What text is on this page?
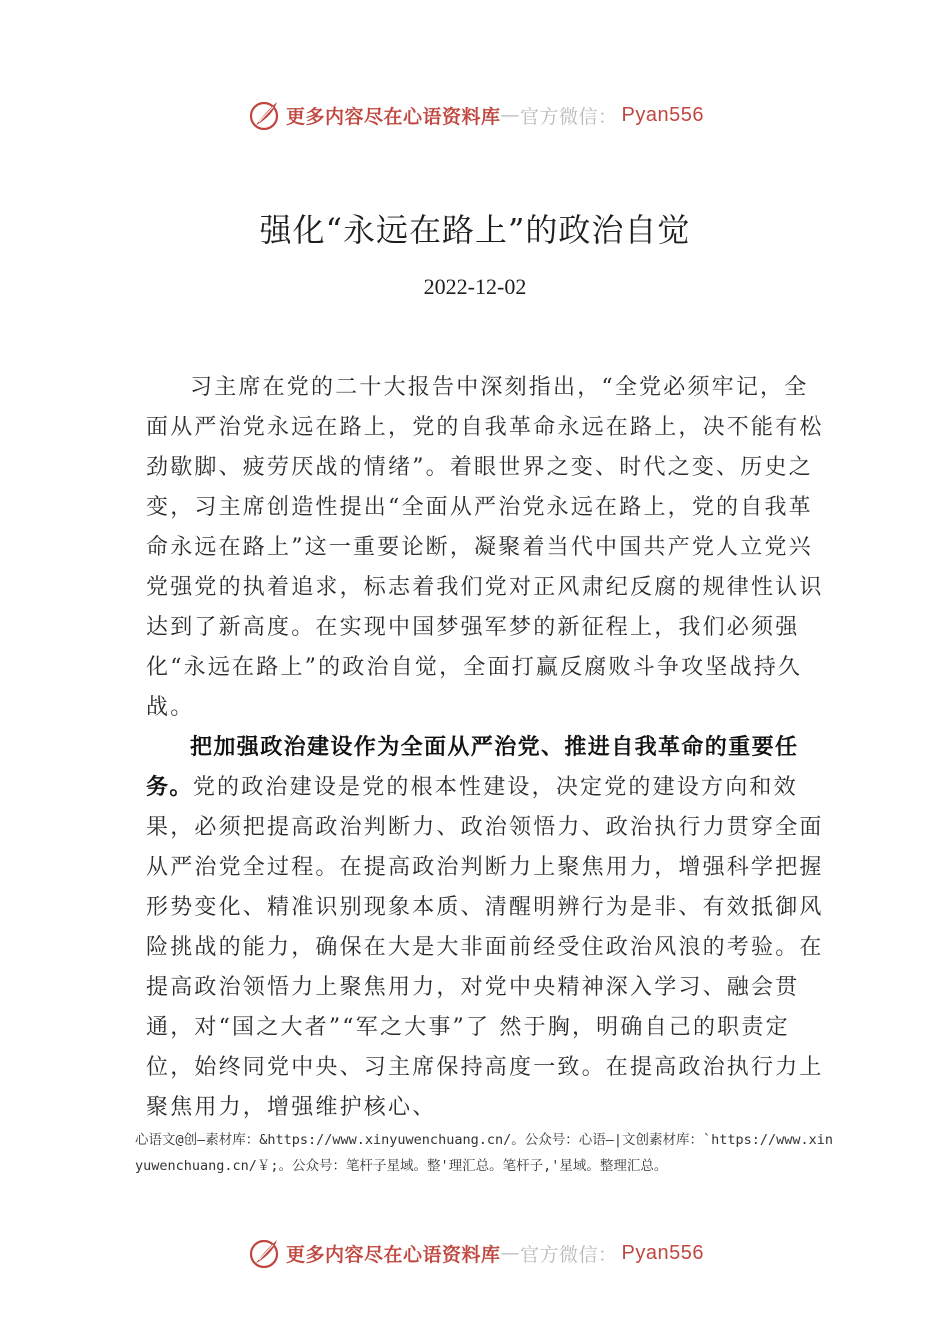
更多内容尽在心语资料库 — 官方微信： Pyan556
强化“永远在路上”的政治自觉
2022-12-02

习主席在党的二十大报告中深刻指出，“全党必须牢记，全面从严治党永远在路上，党的自我革命永远在路上，决不能有松劲歇脚、疲劳厌战的情绪”。着眼世界之变、时代之变、历史之变，习主席创造性提出“全面从严治党永远在路上，党的自我革命永远在路上”这一重要论断，凝聚着当代中国共产党人立党兴党强党的执着追求，标志着我们党对正风肃纪反腐的规律性认识达到了新高度。在实现中国梦强军梦的新征程上，我们必须强化“永远在路上”的政治自觉，全面打赢反腐败斗争攻坚战持久战。

把加强政治建设作为全面从严治党、推进自我革命的重要任务。党的政治建设是党的根本性建设，决定党的建设方向和效果，必须把提高政治判断力、政治领悟力、政治执行力贯穿全面从严治党全过程。在提高政治判断力上聚焦用力，增强科学把握形势变化、精准识别现象本质、清醒明辨行为是非、有效抵御风险挑战的能力，确保在大是大非面前经受住政治风浪的考验。在提高政治领悟力上聚焦用力，对党中央精神深入学习、融会贯通，对“国之大者”“军之大事”了 然于胸，明确自己的职责定位，始终同党中央、习主席保持高度一致。在提高政治执行力上聚焦用力，增强维护核心、

心语文@创—素材库：&https://www.xinyuwenchuang.cn/。公众号：心语—|文创素材库：`https://www.xinyuwenchuang.cn/￥;。公众号：笔杆子星域。整'理汇总。笔杆子,'星域。整理汇总。
更多内容尽在心语资料库 — 官方微信： Pyan556
